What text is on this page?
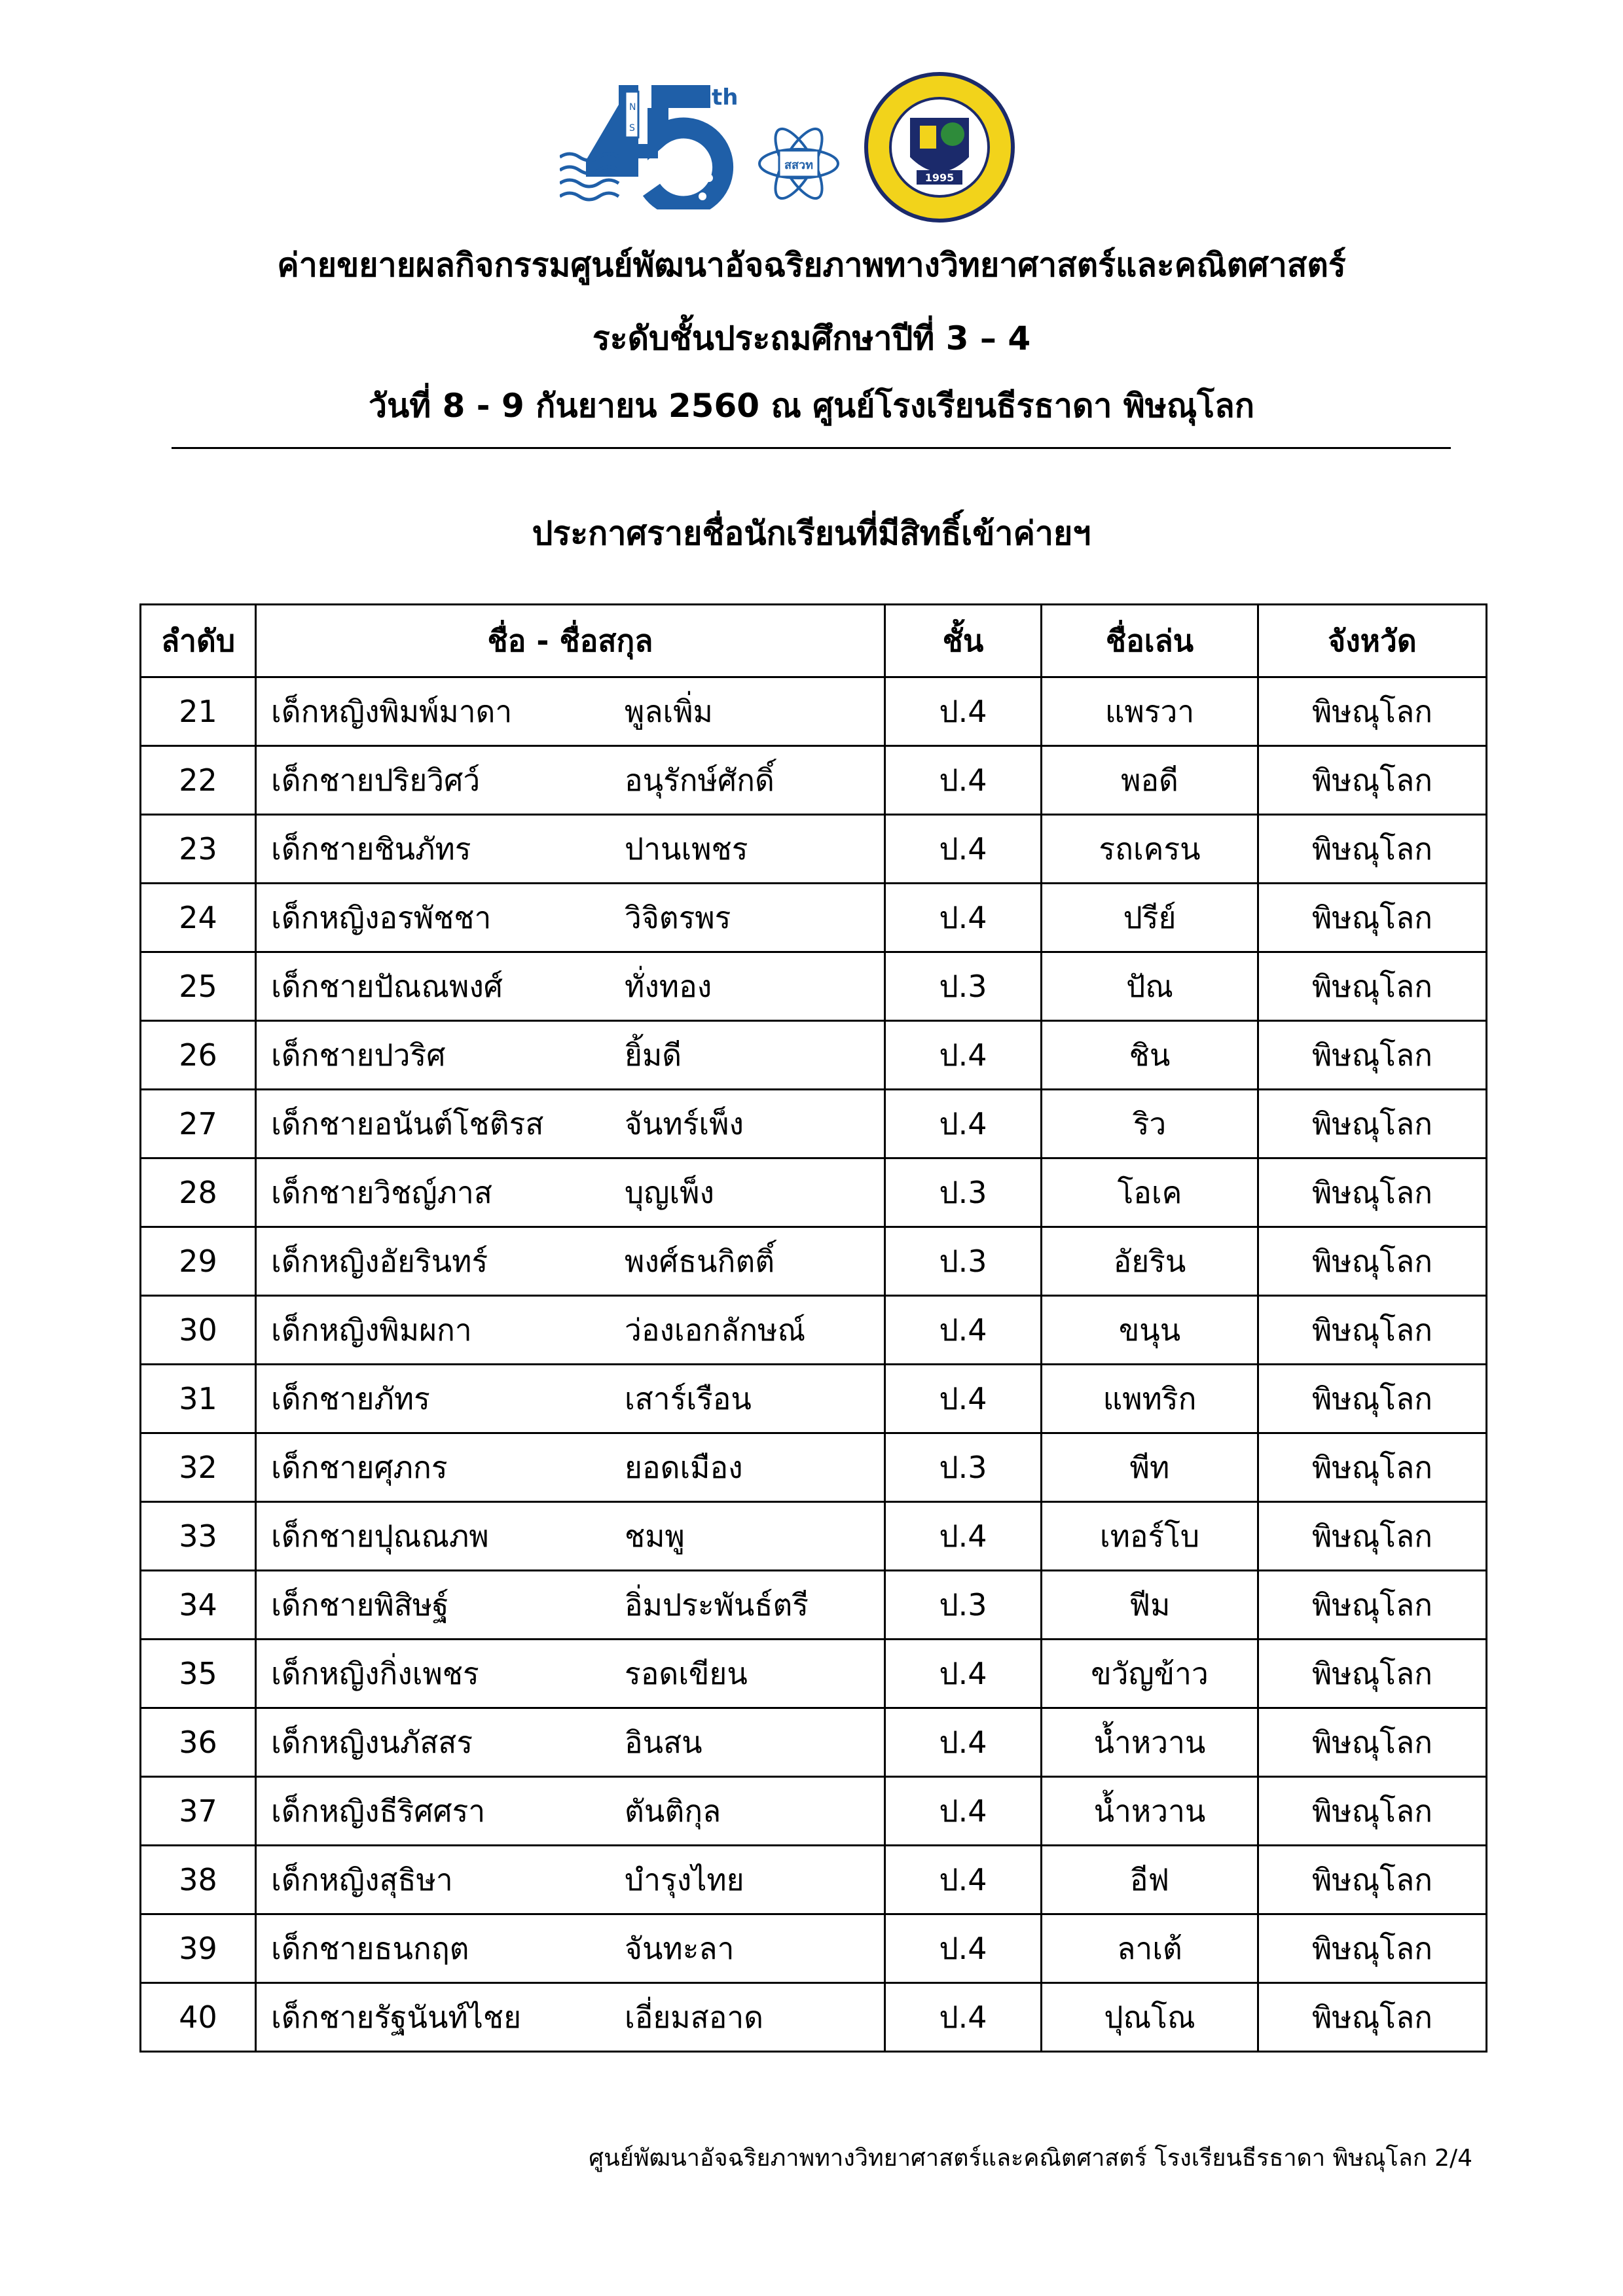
N
S
th
สสวท
1995
ค่ายขยายผลกิจกรรมศูนย์พัฒนาอัจฉริยภาพทางวิทยาศาสตร์และคณิตศาสตร์
ระดับชั้นประถมศึกษาปีที่ 3 – 4
วันที่ 8 - 9 กันยายน 2560 ณ ศูนย์โรงเรียนธีรธาดา พิษณุโลก
ประกาศรายชื่อนักเรียนที่มีสิทธิ์เข้าค่ายฯ
ลำดับ	ชื่อ - ชื่อสกุล	ชั้น	ชื่อเล่น	จังหวัด
21	เด็กหญิงพิมพ์มาดา พูลเพิ่ม	ป.4	แพรวา	พิษณุโลก
22	เด็กชายปริยวิศว์ อนุรักษ์ศักดิ์	ป.4	พอดี	พิษณุโลก
23	เด็กชายชินภัทร ปานเพชร	ป.4	รถเครน	พิษณุโลก
24	เด็กหญิงอรพัชชา วิจิตรพร	ป.4	ปรีย์	พิษณุโลก
25	เด็กชายปัณณพงศ์ ทั่งทอง	ป.3	ปัณ	พิษณุโลก
26	เด็กชายปวริศ ยิ้มดี	ป.4	ชิน	พิษณุโลก
27	เด็กชายอนันต์โชติรส จันทร์เพ็ง	ป.4	ริว	พิษณุโลก
28	เด็กชายวิชญ์ภาส บุญเพ็ง	ป.3	โอเค	พิษณุโลก
29	เด็กหญิงอัยรินทร์ พงศ์ธนกิตติ์	ป.3	อัยริน	พิษณุโลก
30	เด็กหญิงพิมผกา ว่องเอกลักษณ์	ป.4	ขนุน	พิษณุโลก
31	เด็กชายภัทร เสาร์เรือน	ป.4	แพทริก	พิษณุโลก
32	เด็กชายศุภกร ยอดเมือง	ป.3	พีท	พิษณุโลก
33	เด็กชายปุณณภพ ชมพู	ป.4	เทอร์โบ	พิษณุโลก
34	เด็กชายพิสิษฐ์ อิ่มประพันธ์ตรี	ป.3	ฟีม	พิษณุโลก
35	เด็กหญิงกิ่งเพชร รอดเขียน	ป.4	ขวัญข้าว	พิษณุโลก
36	เด็กหญิงนภัสสร อินสน	ป.4	น้ำหวาน	พิษณุโลก
37	เด็กหญิงธีริศศรา ตันติกุล	ป.4	น้ำหวาน	พิษณุโลก
38	เด็กหญิงสุธิษา บำรุงไทย	ป.4	อีฟ	พิษณุโลก
39	เด็กชายธนกฤต จันทะลา	ป.4	ลาเต้	พิษณุโลก
40	เด็กชายรัฐนันท์ไชย เอี่ยมสอาด	ป.4	ปุณโณ	พิษณุโลก
ศูนย์พัฒนาอัจฉริยภาพทางวิทยาศาสตร์และคณิตศาสตร์ โรงเรียนธีรธาดา พิษณุโลก 2/4
